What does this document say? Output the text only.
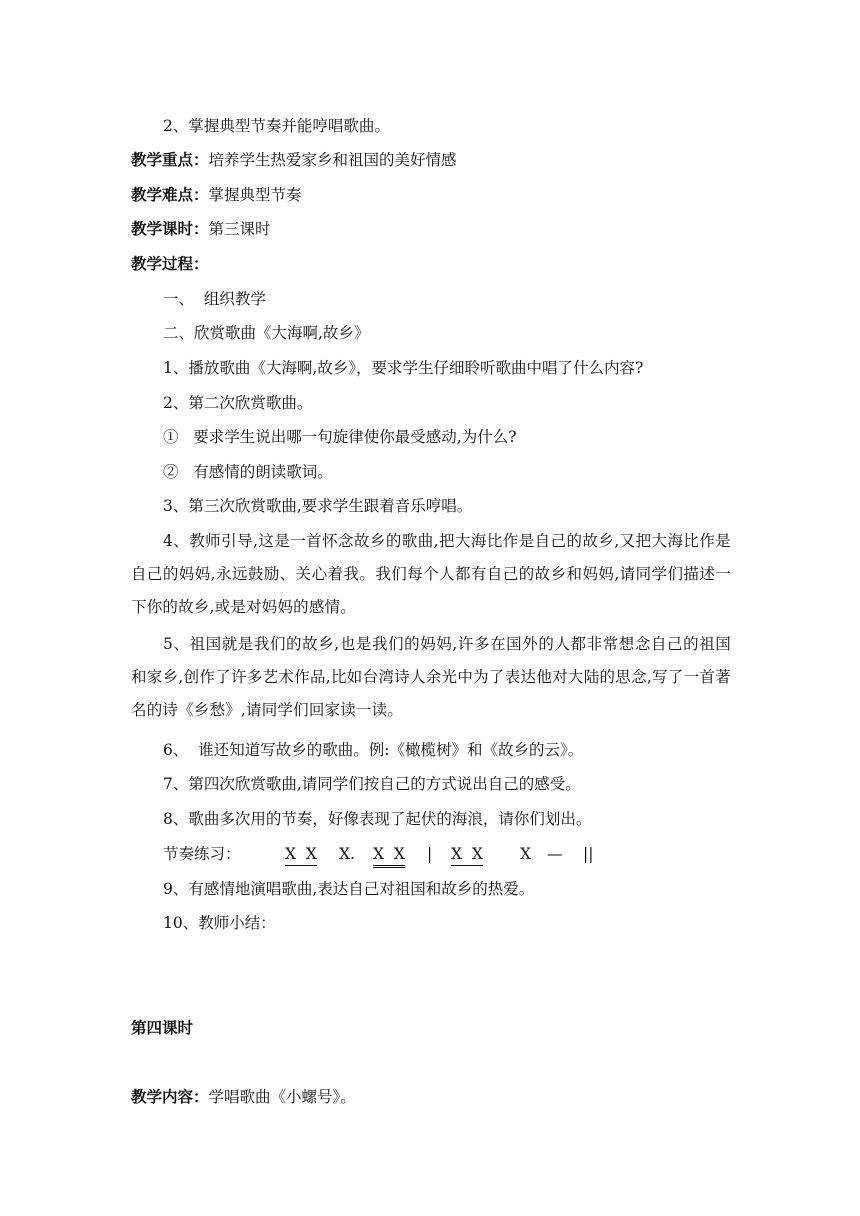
2、掌握典型节奏并能哼唱歌曲。
教学重点：培养学生热爱家乡和祖国的美好情感
教学难点：掌握典型节奏
教学课时：第三课时
教学过程：
一、  组织教学
二、欣赏歌曲《大海啊,故乡》
1、播放歌曲《大海啊,故乡》，要求学生仔细聆听歌曲中唱了什么内容?
2、第二次欣赏歌曲。
①   要求学生说出哪一句旋律使你最受感动,为什么?
②   有感情的朗读歌词。
3、第三次欣赏歌曲,要求学生跟着音乐哼唱。
4、教师引导,这是一首怀念故乡的歌曲,把大海比作是自己的故乡,又把大海比作是自己的妈妈,永远鼓励、关心着我。我们每个人都有自己的故乡和妈妈,请同学们描述一下你的故乡,或是对妈妈的感情。
5、祖国就是我们的故乡,也是我们的妈妈,许多在国外的人都非常想念自己的祖国和家乡,创作了许多艺术作品,比如台湾诗人余光中为了表达他对大陆的思念,写了一首著名的诗《乡愁》,请同学们回家读一读。
6、  谁还知道写故乡的歌曲。例:《橄榄树》和《故乡的云》。
7、第四次欣赏歌曲,请同学们按自己的方式说出自己的感受。
8、歌曲多次用的节奏，好像表现了起伏的海浪，请你们划出。
节奏练习：	X  X X. X  X | X  X X — ||
9、有感情地演唱歌曲,表达自己对祖国和故乡的热爱。
10、教师小结：
第四课时
教学内容：学唱歌曲《小螺号》。
